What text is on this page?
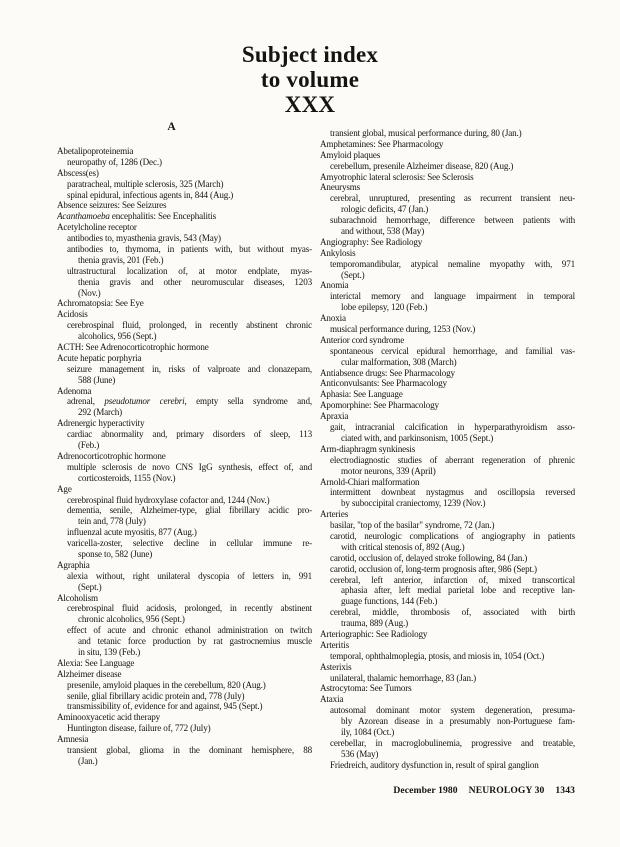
Subject index
to volume
XXX
A
Abetalipoproteinemia
neuropathy of, 1286 (Dec.)
Abscess(es)
paratracheal, multiple sclerosis, 325 (March)
spinal epidural, infectious agents in, 844 (Aug.)
Absence seizures: See Seizures
Acanthamoeba encephalitis: See Encephalitis
Acetylcholine receptor
antibodies to, myasthenia gravis, 543 (May)
antibodies to, thymoma, in patients with, but without myas-
thenia gravis, 201 (Feb.)
ultrastructural localization of, at motor endplate, myas-
thenia gravis and other neuromuscular diseases, 1203
(Nov.)
Achromatopsia: See Eye
Acidosis
cerebrospinal fluid, prolonged, in recently abstinent chronic
alcoholics, 956 (Sept.)
ACTH: See Adrenocorticotrophic hormone
Acute hepatic porphyria
seizure management in, risks of valproate and clonazepam,
588 (June)
Adenoma
adrenal, pseudotumor cerebri, empty sella syndrome and,
292 (March)
Adrenergic hyperactivity
cardiac abnormality and, primary disorders of sleep, 113
(Feb.)
Adrenocorticotrophic hormone
multiple sclerosis de novo CNS IgG synthesis, effect of, and
corticosteroids, 1155 (Nov.)
Age
cerebrospinal fluid hydroxylase cofactor and, 1244 (Nov.)
dementia, senile, Alzheimer-type, glial fibrillary acidic pro-
tein and, 778 (July)
influenzal acute myositis, 877 (Aug.)
varicella-zoster, selective decline in cellular immune re-
sponse to, 582 (June)
Agraphia
alexia without, right unilateral dyscopia of letters in, 991
(Sept.)
Alcoholism
cerebrospinal fluid acidosis, prolonged, in recently abstinent
chronic alcoholics, 956 (Sept.)
effect of acute and chronic ethanol administration on twitch
and tetanic force production by rat gastrocnemius muscle
in situ, 139 (Feb.)
Alexia: See Language
Alzheimer disease
presenile, amyloid plaques in the cerebellum, 820 (Aug.)
senile, glial fibrillary acidic protein and, 778 (July)
transmissibility of, evidence for and against, 945 (Sept.)
Aminooxyacetic acid therapy
Huntington disease, failure of, 772 (July)
Amnesia
transient global, glioma in the dominant hemisphere, 88
(Jan.)
transient global, musical performance during, 80 (Jan.)
Amphetamines: See Pharmacology
Amyloid plaques
cerebellum, presenile Alzheimer disease, 820 (Aug.)
Amyotrophic lateral sclerosis: See Sclerosis
Aneurysms
cerebral, unruptured, presenting as recurrent transient neu-
rologic deficits, 47 (Jan.)
subarachnoid hemorrhage, difference between patients with
and without, 538 (May)
Angiography: See Radiology
Ankylosis
temporomandibular, atypical nemaline myopathy with, 971
(Sept.)
Anomia
interictal memory and language impairment in temporal
lobe epilepsy, 120 (Feb.)
Anoxia
musical performance during, 1253 (Nov.)
Anterior cord syndrome
spontaneous cervical epidural hemorrhage, and familial vas-
cular malformation, 308 (March)
Antiabsence drugs: See Pharmacology
Anticonvulsants: See Pharmacology
Aphasia: See Language
Apomorphine: See Pharmacology
Apraxia
gait, intracranial calcification in hyperparathyroidism asso-
ciated with, and parkinsonism, 1005 (Sept.)
Arm-diaphragm synkinesis
electrodiagnostic studies of aberrant regeneration of phrenic
motor neurons, 339 (April)
Arnold-Chiari malformation
intermittent downbeat nystagmus and oscillopsia reversed
by suboccipital craniectomy, 1239 (Nov.)
Arteries
basilar, "top of the basilar" syndrome, 72 (Jan.)
carotid, neurologic complications of angiography in patients
with critical stenosis of, 892 (Aug.)
carotid, occlusion of, delayed stroke following, 84 (Jan.)
carotid, occlusion of, long-term prognosis after, 986 (Sept.)
cerebral, left anterior, infarction of, mixed transcortical
aphasia after, left medial parietal lobe and receptive lan-
guage functions, 144 (Feb.)
cerebral, middle, thrombosis of, associated with birth
trauma, 889 (Aug.)
Arteriographic: See Radiology
Arteritis
temporal, ophthalmoplegia, ptosis, and miosis in, 1054 (Oct.)
Asterixis
unilateral, thalamic hemorrhage, 83 (Jan.)
Astrocytoma: See Tumors
Ataxia
autosomal dominant motor system degeneration, presuma-
bly Azorean disease in a presumably non-Portuguese fam-
ily, 1084 (Oct.)
cerebellar, in macroglobulinemia, progressive and treatable,
536 (May)
Friedreich, auditory dysfunction in, result of spiral ganglion
December 1980 NEUROLOGY 30 1343
